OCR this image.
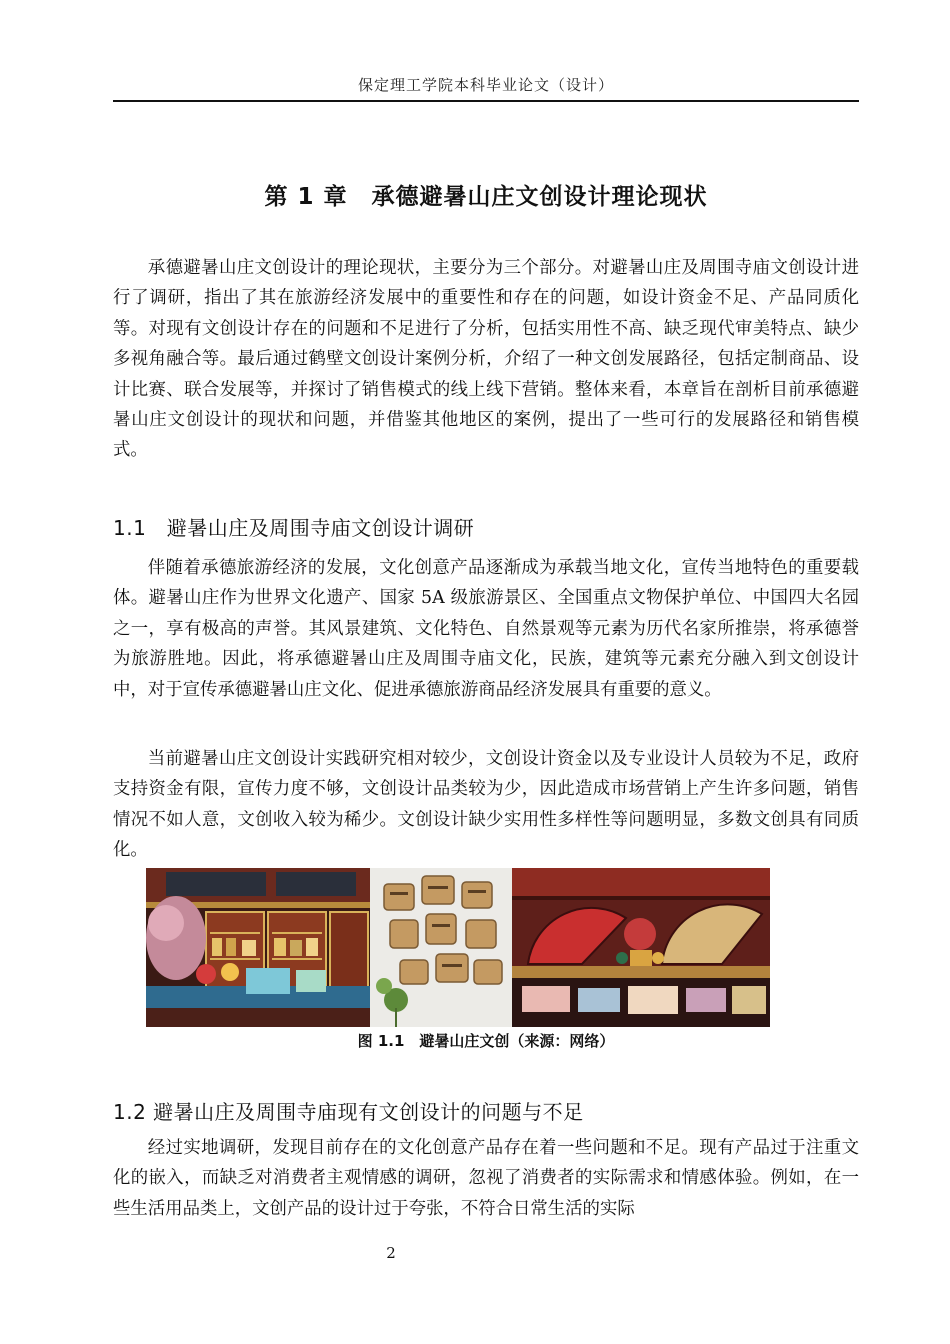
保定理工学院本科毕业论文（设计）
第 1 章　承德避暑山庄文创设计理论现状

承德避暑山庄文创设计的理论现状，主要分为三个部分。对避暑山庄及周围寺庙文创设计进行了调研，指出了其在旅游经济发展中的重要性和存在的问题，如设计资金不足、产品同质化等。对现有文创设计存在的问题和不足进行了分析，包括实用性不高、缺乏现代审美特点、缺少多视角融合等。最后通过鹤壁文创设计案例分析，介绍了一种文创发展路径，包括定制商品、设计比赛、联合发展等，并探讨了销售模式的线上线下营销。整体来看，本章旨在剖析目前承德避暑山庄文创设计的现状和问题，并借鉴其他地区的案例，提出了一些可行的发展路径和销售模式。

1.1　避暑山庄及周围寺庙文创设计调研

伴随着承德旅游经济的发展，文化创意产品逐渐成为承载当地文化，宣传当地特色的重要载体。避暑山庄作为世界文化遗产、国家 5A 级旅游景区、全国重点文物保护单位、中国四大名园之一，享有极高的声誉。其风景建筑、文化特色、自然景观等元素为历代名家所推崇，将承德誉为旅游胜地。因此，将承德避暑山庄及周围寺庙文化，民族，建筑等元素充分融入到文创设计中，对于宣传承德避暑山庄文化、促进承德旅游商品经济发展具有重要的意义。

当前避暑山庄文创设计实践研究相对较少，文创设计资金以及专业设计人员较为不足，政府支持资金有限，宣传力度不够，文创设计品类较为少，因此造成市场营销上产生许多问题，销售情况不如人意，文创收入较为稀少。文创设计缺少实用性多样性等问题明显，多数文创具有同质化。

图 1.1　避暑山庄文创（来源：网络）
1.2 避暑山庄及周围寺庙现有文创设计的问题与不足

经过实地调研，发现目前存在的文化创意产品存在着一些问题和不足。现有产品过于注重文化的嵌入，而缺乏对消费者主观情感的调研，忽视了消费者的实际需求和情感体验。例如，在一些生活用品类上，文创产品的设计过于夸张，不符合日常生活的实际

2
